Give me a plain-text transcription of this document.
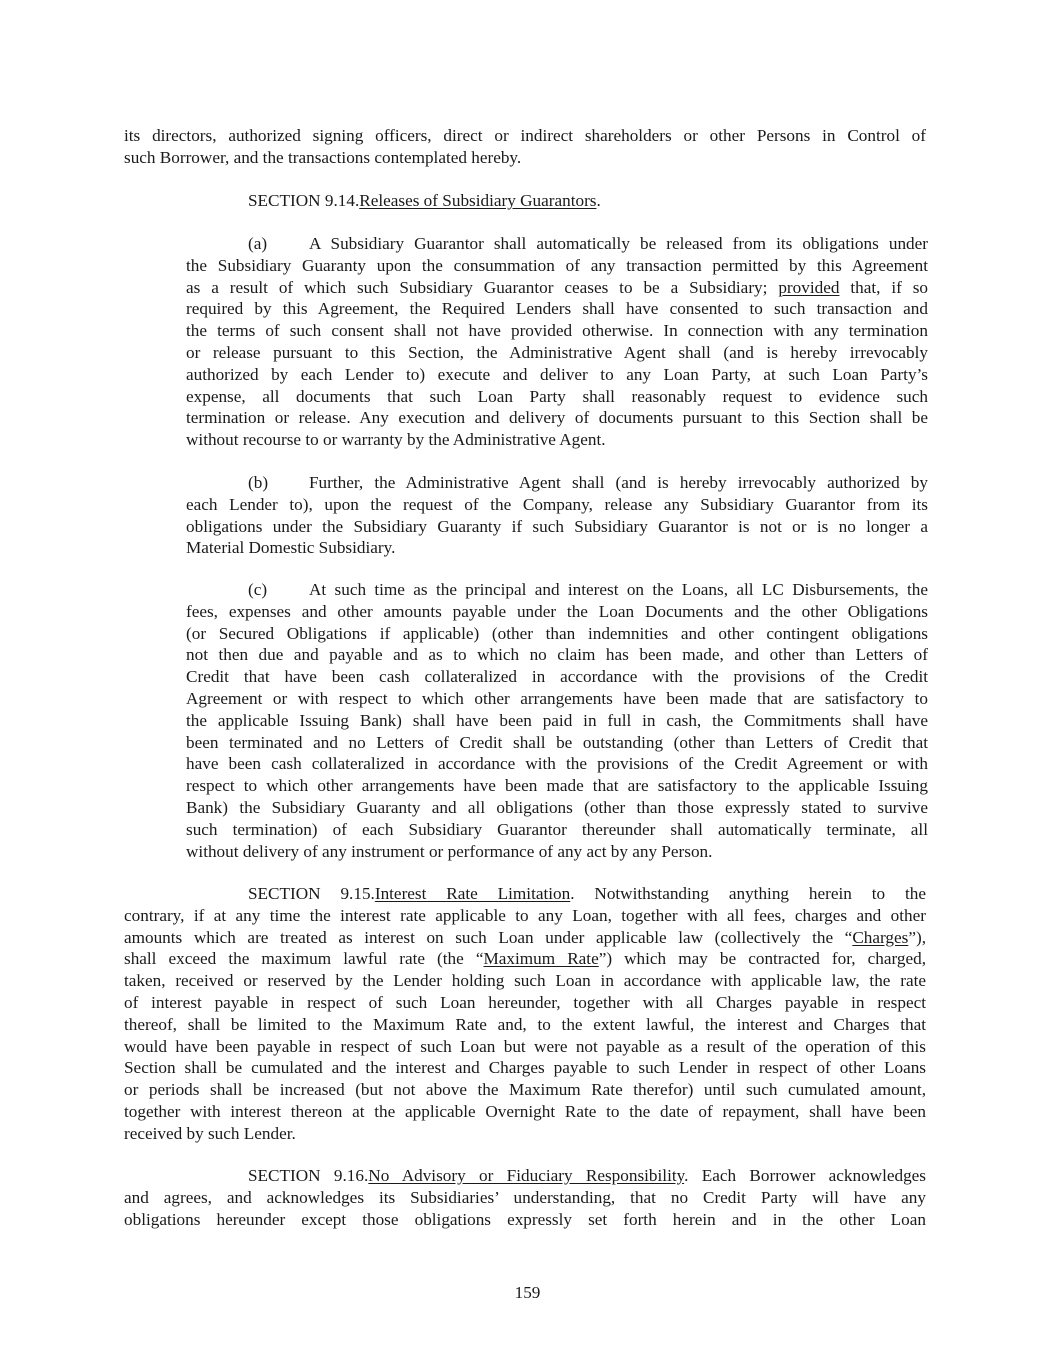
its directors, authorized signing officers, direct or indirect shareholders or other Persons in Control of
such Borrower, and the transactions contemplated hereby.
SECTION 9.14.Releases of Subsidiary Guarantors.
(a) A Subsidiary Guarantor shall automatically be released from its obligations under
the Subsidiary Guaranty upon the consummation of any transaction permitted by this Agreement
as a result of which such Subsidiary Guarantor ceases to be a Subsidiary; provided that, if so
required by this Agreement, the Required Lenders shall have consented to such transaction and
the terms of such consent shall not have provided otherwise. In connection with any termination
or release pursuant to this Section, the Administrative Agent shall (and is hereby irrevocably
authorized by each Lender to) execute and deliver to any Loan Party, at such Loan Party’s
expense, all documents that such Loan Party shall reasonably request to evidence such
termination or release. Any execution and delivery of documents pursuant to this Section shall be
without recourse to or warranty by the Administrative Agent.
(b) Further, the Administrative Agent shall (and is hereby irrevocably authorized by
each Lender to), upon the request of the Company, release any Subsidiary Guarantor from its
obligations under the Subsidiary Guaranty if such Subsidiary Guarantor is not or is no longer a
Material Domestic Subsidiary.
(c) At such time as the principal and interest on the Loans, all LC Disbursements, the
fees, expenses and other amounts payable under the Loan Documents and the other Obligations
(or Secured Obligations if applicable) (other than indemnities and other contingent obligations
not then due and payable and as to which no claim has been made, and other than Letters of
Credit that have been cash collateralized in accordance with the provisions of the Credit
Agreement or with respect to which other arrangements have been made that are satisfactory to
the applicable Issuing Bank) shall have been paid in full in cash, the Commitments shall have
been terminated and no Letters of Credit shall be outstanding (other than Letters of Credit that
have been cash collateralized in accordance with the provisions of the Credit Agreement or with
respect to which other arrangements have been made that are satisfactory to the applicable Issuing
Bank) the Subsidiary Guaranty and all obligations (other than those expressly stated to survive
such termination) of each Subsidiary Guarantor thereunder shall automatically terminate, all
without delivery of any instrument or performance of any act by any Person.
SECTION 9.15.Interest Rate Limitation. Notwithstanding anything herein to the
contrary, if at any time the interest rate applicable to any Loan, together with all fees, charges and other
amounts which are treated as interest on such Loan under applicable law (collectively the “Charges”),
shall exceed the maximum lawful rate (the “Maximum Rate”) which may be contracted for, charged,
taken, received or reserved by the Lender holding such Loan in accordance with applicable law, the rate
of interest payable in respect of such Loan hereunder, together with all Charges payable in respect
thereof, shall be limited to the Maximum Rate and, to the extent lawful, the interest and Charges that
would have been payable in respect of such Loan but were not payable as a result of the operation of this
Section shall be cumulated and the interest and Charges payable to such Lender in respect of other Loans
or periods shall be increased (but not above the Maximum Rate therefor) until such cumulated amount,
together with interest thereon at the applicable Overnight Rate to the date of repayment, shall have been
received by such Lender.
SECTION 9.16.No Advisory or Fiduciary Responsibility. Each Borrower acknowledges
and agrees, and acknowledges its Subsidiaries’ understanding, that no Credit Party will have any
obligations hereunder except those obligations expressly set forth herein and in the other Loan
159
